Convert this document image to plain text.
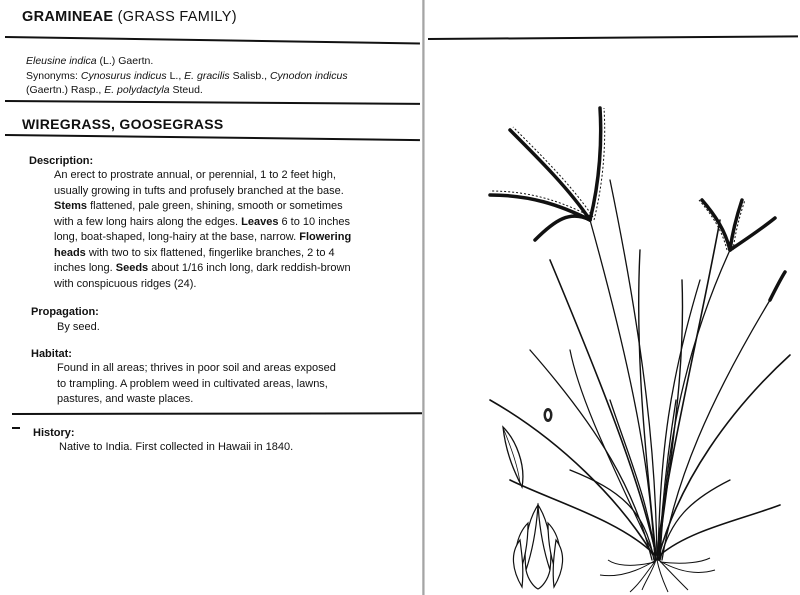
GRAMINEAE (GRASS FAMILY)

Eleusine indica (L.) Gaertn.
Synonyms: Cynosurus indicus L., E. gracilis Salisb., Cynodon indicus
(Gaertn.) Rasp., E. polydactyla Steud.

WIREGRASS, GOOSEGRASS

Description:

An erect to prostrate annual, or perennial, 1 to 2 feet high,
usually growing in tufts and profusely branched at the base.
Stems flattened, pale green, shining, smooth or sometimes
with a few long hairs along the edges. Leaves 6 to 10 inches
long, boat-shaped, long-hairy at the base, narrow. Flowering
heads with two to six flattened, fingerlike branches, 2 to 4
inches long. Seeds about 1/16 inch long, dark reddish-brown
with conspicuous ridges (24).

Propagation:

By seed.

Habitat:

Found in all areas; thrives in poor soil and areas exposed
to trampling. A problem weed in cultivated areas, lawns,
pastures, and waste places.

History:

Native to India. First collected in Hawaii in 1840.
